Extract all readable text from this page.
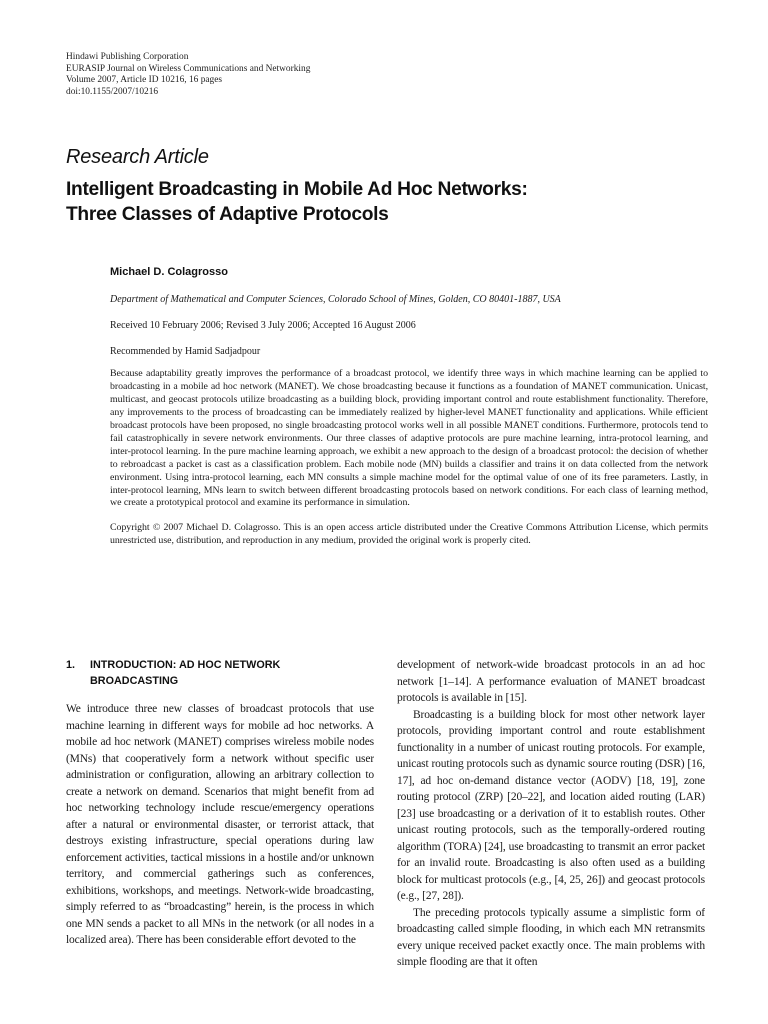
Hindawi Publishing Corporation
EURASIP Journal on Wireless Communications and Networking
Volume 2007, Article ID 10216, 16 pages
doi:10.1155/2007/10216
Research Article
Intelligent Broadcasting in Mobile Ad Hoc Networks:
Three Classes of Adaptive Protocols
Michael D. Colagrosso
Department of Mathematical and Computer Sciences, Colorado School of Mines, Golden, CO 80401-1887, USA
Received 10 February 2006; Revised 3 July 2006; Accepted 16 August 2006
Recommended by Hamid Sadjadpour
Because adaptability greatly improves the performance of a broadcast protocol, we identify three ways in which machine learning can be applied to broadcasting in a mobile ad hoc network (MANET). We chose broadcasting because it functions as a foundation of MANET communication. Unicast, multicast, and geocast protocols utilize broadcasting as a building block, providing important control and route establishment functionality. Therefore, any improvements to the process of broadcasting can be immediately realized by higher-level MANET functionality and applications. While efficient broadcast protocols have been proposed, no single broadcasting protocol works well in all possible MANET conditions. Furthermore, protocols tend to fail catastrophically in severe network environments. Our three classes of adaptive protocols are pure machine learning, intra-protocol learning, and inter-protocol learning. In the pure machine learning approach, we exhibit a new approach to the design of a broadcast protocol: the decision of whether to rebroadcast a packet is cast as a classification problem. Each mobile node (MN) builds a classifier and trains it on data collected from the network environment. Using intra-protocol learning, each MN consults a simple machine model for the optimal value of one of its free parameters. Lastly, in inter-protocol learning, MNs learn to switch between different broadcasting protocols based on network conditions. For each class of learning method, we create a prototypical protocol and examine its performance in simulation.
Copyright © 2007 Michael D. Colagrosso. This is an open access article distributed under the Creative Commons Attribution License, which permits unrestricted use, distribution, and reproduction in any medium, provided the original work is properly cited.
1.	INTRODUCTION: AD HOC NETWORK BROADCASTING

We introduce three new classes of broadcast protocols that use machine learning in different ways for mobile ad hoc networks. A mobile ad hoc network (MANET) comprises wireless mobile nodes (MNs) that cooperatively form a network without specific user administration or configuration, allowing an arbitrary collection to create a network on demand. Scenarios that might benefit from ad hoc networking technology include rescue/emergency operations after a natural or environmental disaster, or terrorist attack, that destroys existing infrastructure, special operations during law enforcement activities, tactical missions in a hostile and/or unknown territory, and commercial gatherings such as conferences, exhibitions, workshops, and meetings. Network-wide broadcasting, simply referred to as “broadcasting” herein, is the process in which one MN sends a packet to all MNs in the network (or all nodes in a localized area). There has been considerable effort devoted to the

development of network-wide broadcast protocols in an ad hoc network [1–14]. A performance evaluation of MANET broadcast protocols is available in [15].

Broadcasting is a building block for most other network layer protocols, providing important control and route establishment functionality in a number of unicast routing protocols. For example, unicast routing protocols such as dynamic source routing (DSR) [16, 17], ad hoc on-demand distance vector (AODV) [18, 19], zone routing protocol (ZRP) [20–22], and location aided routing (LAR) [23] use broadcasting or a derivation of it to establish routes. Other unicast routing protocols, such as the temporally-ordered routing algorithm (TORA) [24], use broadcasting to transmit an error packet for an invalid route. Broadcasting is also often used as a building block for multicast protocols (e.g., [4, 25, 26]) and geocast protocols (e.g., [27, 28]).

The preceding protocols typically assume a simplistic form of broadcasting called simple flooding, in which each MN retransmits every unique received packet exactly once. The main problems with simple flooding are that it often
